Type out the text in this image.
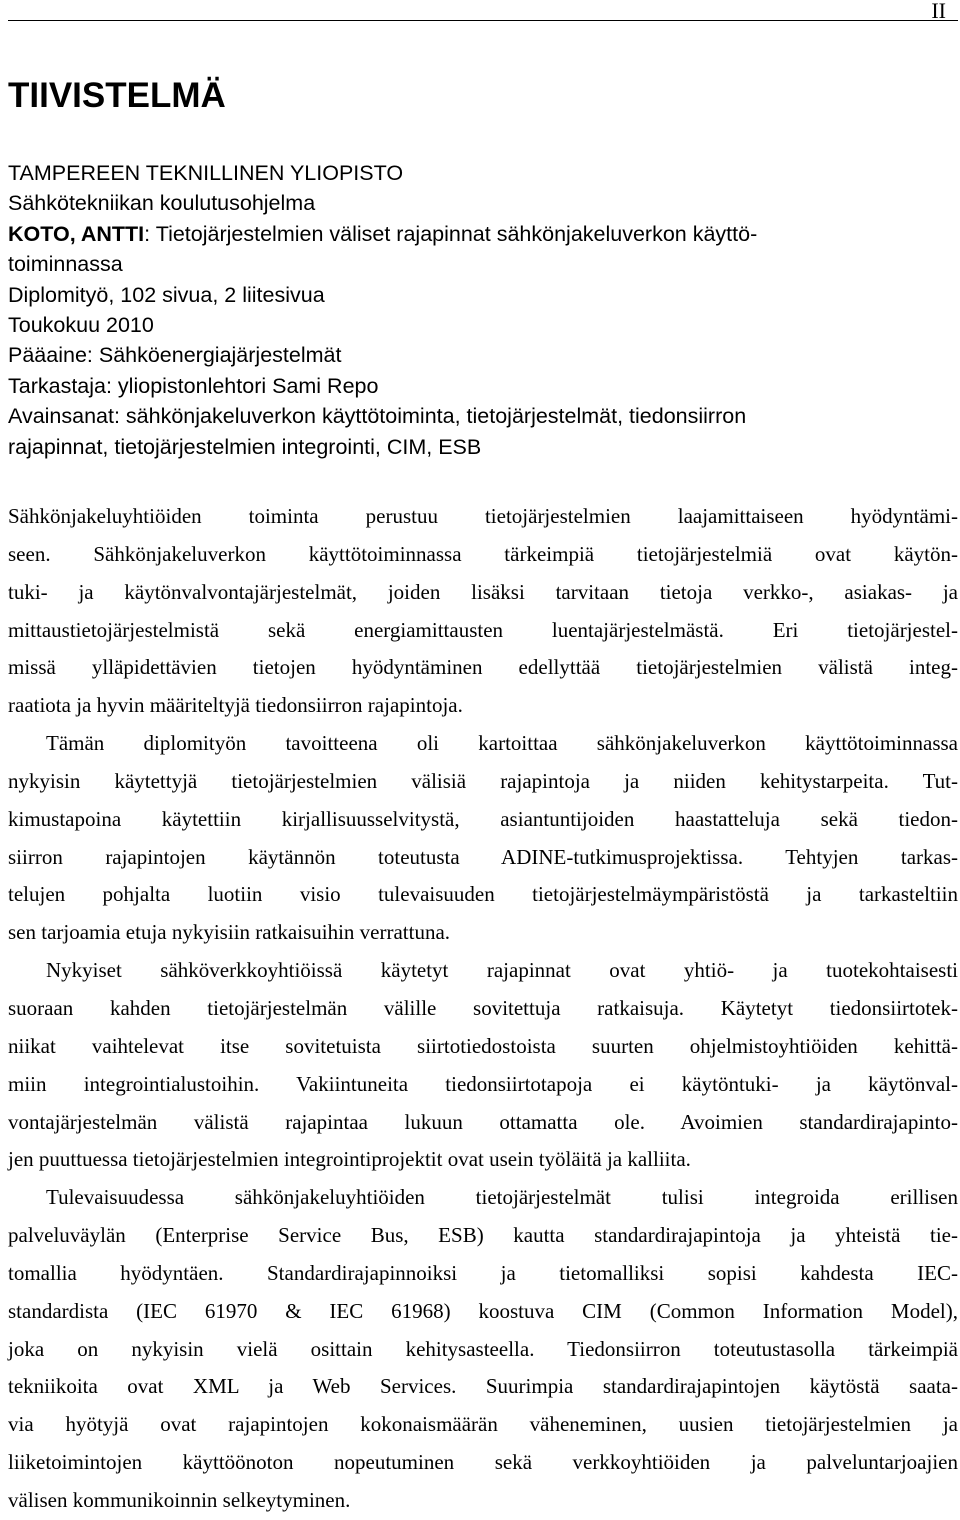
II
TIIVISTELMÄ
TAMPEREEN TEKNILLINEN YLIOPISTO
Sähkötekniikan koulutusohjelma
KOTO, ANTTI: Tietojärjestelmien väliset rajapinnat sähkönjakeluverkon käyttö-
toiminnassa
Diplomityö, 102 sivua, 2 liitesivua
Toukokuu 2010
Pääaine: Sähköenergiajärjestelmät
Tarkastaja: yliopistonlehtori Sami Repo
Avainsanat: sähkönjakeluverkon käyttötoiminta, tietojärjestelmät, tiedonsiirron
rajapinnat, tietojärjestelmien integrointi, CIM, ESB
Sähkönjakeluyhtiöiden toiminta perustuu tietojärjestelmien laajamittaiseen hyödyntämi-
seen. Sähkönjakeluverkon käyttötoiminnassa tärkeimpiä tietojärjestelmiä ovat käytön-
tuki- ja käytönvalvontajärjestelmät, joiden lisäksi tarvitaan tietoja verkko-, asiakas- ja
mittaustietojärjestelmistä sekä energiamittausten luentajärjestelmästä. Eri tietojärjestel-
missä ylläpidettävien tietojen hyödyntäminen edellyttää tietojärjestelmien välistä integ-
raatiota ja hyvin määriteltyjä tiedonsiirron rajapintoja.
Tämän diplomityön tavoitteena oli kartoittaa sähkönjakeluverkon käyttötoiminnassa
nykyisin käytettyjä tietojärjestelmien välisiä rajapintoja ja niiden kehitystarpeita. Tut-
kimustapoina käytettiin kirjallisuusselvitystä, asiantuntijoiden haastatteluja sekä tiedon-
siirron rajapintojen käytännön toteutusta ADINE-tutkimusprojektissa. Tehtyjen tarkas-
telujen pohjalta luotiin visio tulevaisuuden tietojärjestelmäympäristöstä ja tarkasteltiin
sen tarjoamia etuja nykyisiin ratkaisuihin verrattuna.
Nykyiset sähköverkkoyhtiöissä käytetyt rajapinnat ovat yhtiö- ja tuotekohtaisesti
suoraan kahden tietojärjestelmän välille sovitettuja ratkaisuja. Käytetyt tiedonsiirtotek-
niikat vaihtelevat itse sovitetuista siirtotiedostoista suurten ohjelmistoyhtiöiden kehittä-
miin integrointialustoihin. Vakiintuneita tiedonsiirtotapoja ei käytöntuki- ja käytönval-
vontajärjestelmän välistä rajapintaa lukuun ottamatta ole. Avoimien standardirajapinto-
jen puuttuessa tietojärjestelmien integrointiprojektit ovat usein työläitä ja kalliita.
Tulevaisuudessa sähkönjakeluyhtiöiden tietojärjestelmät tulisi integroida erillisen
palveluväylän (Enterprise Service Bus, ESB) kautta standardirajapintoja ja yhteistä tie-
tomallia hyödyntäen. Standardirajapinnoiksi ja tietomalliksi sopisi kahdesta IEC-
standardista (IEC 61970 & IEC 61968) koostuva CIM (Common Information Model),
joka on nykyisin vielä osittain kehitysasteella. Tiedonsiirron toteutustasolla tärkeimpiä
tekniikoita ovat XML ja Web Services. Suurimpia standardirajapintojen käytöstä saata-
via hyötyjä ovat rajapintojen kokonaismäärän väheneminen, uusien tietojärjestelmien ja
liiketoimintojen käyttöönoton nopeutuminen sekä verkkoyhtiöiden ja palveluntarjoajien
välisen kommunikoinnin selkeytyminen.
